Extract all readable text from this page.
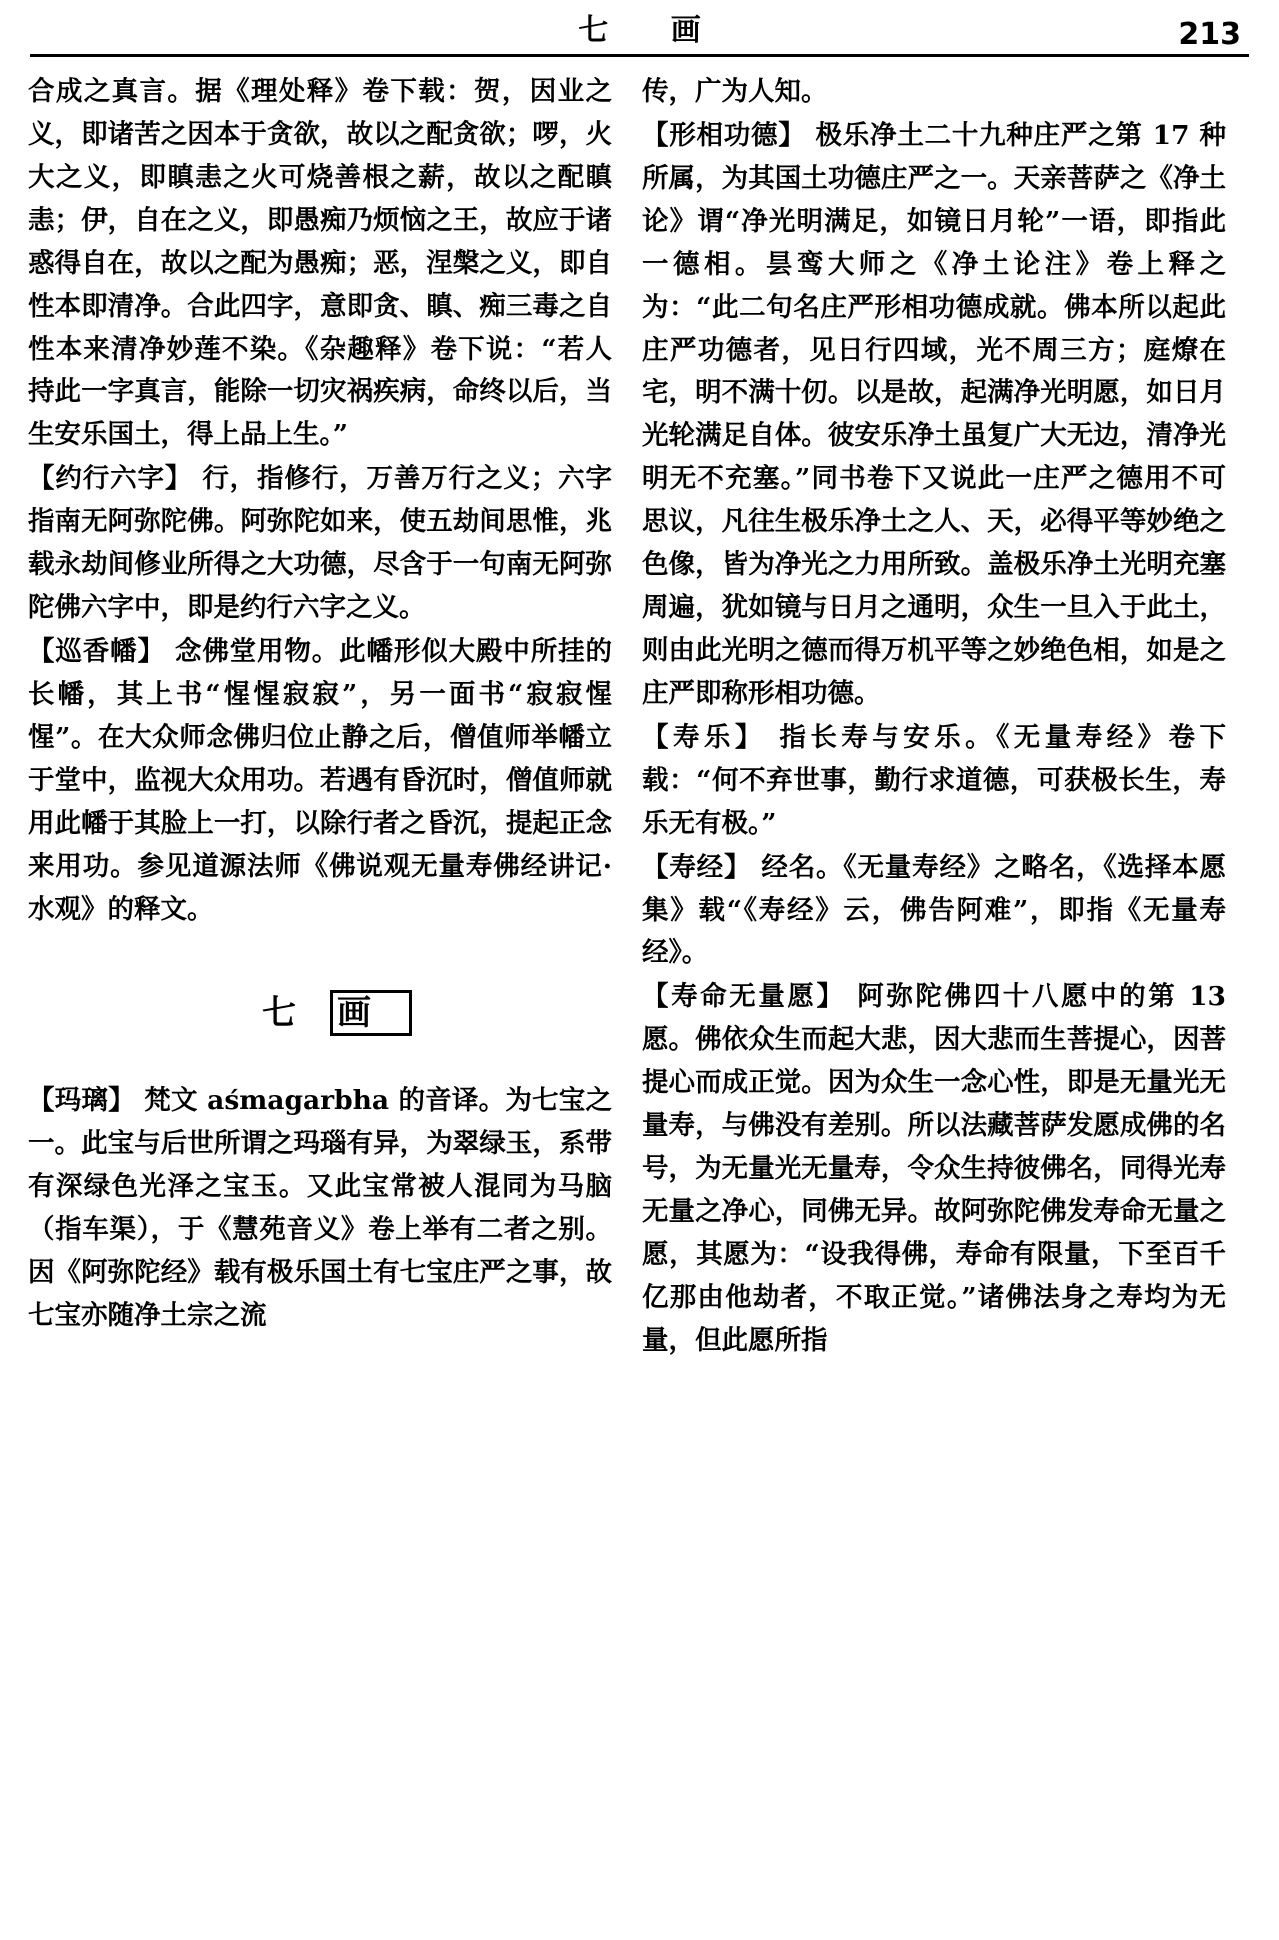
七 画	213

合成之真言。据《理处释》卷下载：贺，因业之义，即诸苦之因本于贪欲，故以之配贪欲；啰，火大之义，即瞋恚之火可烧善根之薪，故以之配瞋恚；伊，自在之义，即愚痴乃烦恼之王，故应于诸惑得自在，故以之配为愚痴；恶，涅槃之义，即自性本即清净。合此四字，意即贪、瞋、痴三毒之自性本来清净妙莲不染。《杂趣释》卷下说：“若人持此一字真言，能除一切灾祸疾病，命终以后，当生安乐国土，得上品上生。”

【约行六字】 行，指修行，万善万行之义；六字指南无阿弥陀佛。阿弥陀如来，使五劫间思惟，兆载永劫间修业所得之大功德，尽含于一句南无阿弥陀佛六字中，即是约行六字之义。

【巡香幡】 念佛堂用物。此幡形似大殿中所挂的长幡，其上书“惺惺寂寂”，另一面书“寂寂惺惺”。在大众师念佛归位止静之后，僧值师举幡立于堂中，监视大众用功。若遇有昏沉时，僧值师就用此幡于其脸上一打，以除行者之昏沉，提起正念来用功。参见道源法师《佛说观无量寿佛经讲记·水观》的释文。

七 画

【玛璃】 梵文 aśmagarbha 的音译。为七宝之一。此宝与后世所谓之玛瑙有异，为翠绿玉，系带有深绿色光泽之宝玉。又此宝常被人混同为马脑（指车渠），于《慧苑音义》卷上举有二者之别。因《阿弥陀经》载有极乐国土有七宝庄严之事，故七宝亦随净土宗之流

传，广为人知。

【形相功德】 极乐净土二十九种庄严之第 17 种所属，为其国土功德庄严之一。天亲菩萨之《净土论》谓“净光明满足，如镜日月轮”一语，即指此一德相。昙鸾大师之《净土论注》卷上释之为：“此二句名庄严形相功德成就。佛本所以起此庄严功德者，见日行四域，光不周三方；庭燎在宅，明不满十仞。以是故，起满净光明愿，如日月光轮满足自体。彼安乐净土虽复广大无边，清净光明无不充塞。”同书卷下又说此一庄严之德用不可思议，凡往生极乐净土之人、天，必得平等妙绝之色像，皆为净光之力用所致。盖极乐净土光明充塞周遍，犹如镜与日月之通明，众生一旦入于此土，则由此光明之德而得万机平等之妙绝色相，如是之庄严即称形相功德。

【寿乐】 指长寿与安乐。《无量寿经》卷下载：“何不弃世事，勤行求道德，可获极长生，寿乐无有极。”

【寿经】 经名。《无量寿经》之略名，《选择本愿集》载“《寿经》云，佛告阿难”，即指《无量寿经》。

【寿命无量愿】 阿弥陀佛四十八愿中的第 13 愿。佛依众生而起大悲，因大悲而生菩提心，因菩提心而成正觉。因为众生一念心性，即是无量光无量寿，与佛没有差别。所以法藏菩萨发愿成佛的名号，为无量光无量寿，令众生持彼佛名，同得光寿无量之净心，同佛无异。故阿弥陀佛发寿命无量之愿，其愿为：“设我得佛，寿命有限量，下至百千亿那由他劫者，不取正觉。”诸佛法身之寿均为无量，但此愿所指
